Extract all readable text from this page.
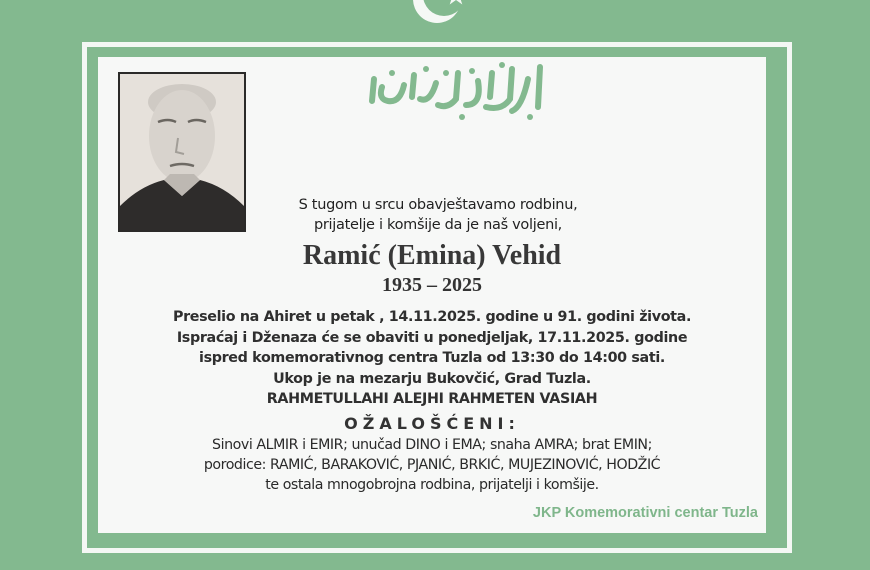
S tugom u srcu obavještavamo rodbinu,
prijatelje i komšije da je naš voljeni,
Ramić (Emina) Vehid
1935 – 2025
Preselio na Ahiret u petak , 14.11.2025. godine u 91. godini života.
Ispraćaj i Dženaza će se obaviti u ponedjeljak, 17.11.2025. godine
ispred komemorativnog centra Tuzla od 13:30 do 14:00 sati.
Ukop je na mezarju Bukovčić, Grad Tuzla.
RAHMETULLAHI ALEJHI RAHMETEN VASIAH
OŽALOŠĆENI:
Sinovi ALMIR i EMIR; unučad DINO i EMA; snaha AMRA; brat EMIN;
porodice: RAMIĆ, BARAKOVIĆ, PJANIĆ, BRKIĆ, MUJEZINOVIĆ, HODŽIĆ
te ostala mnogobrojna rodbina, prijatelji i komšije.
JKP Komemorativni centar Tuzla
